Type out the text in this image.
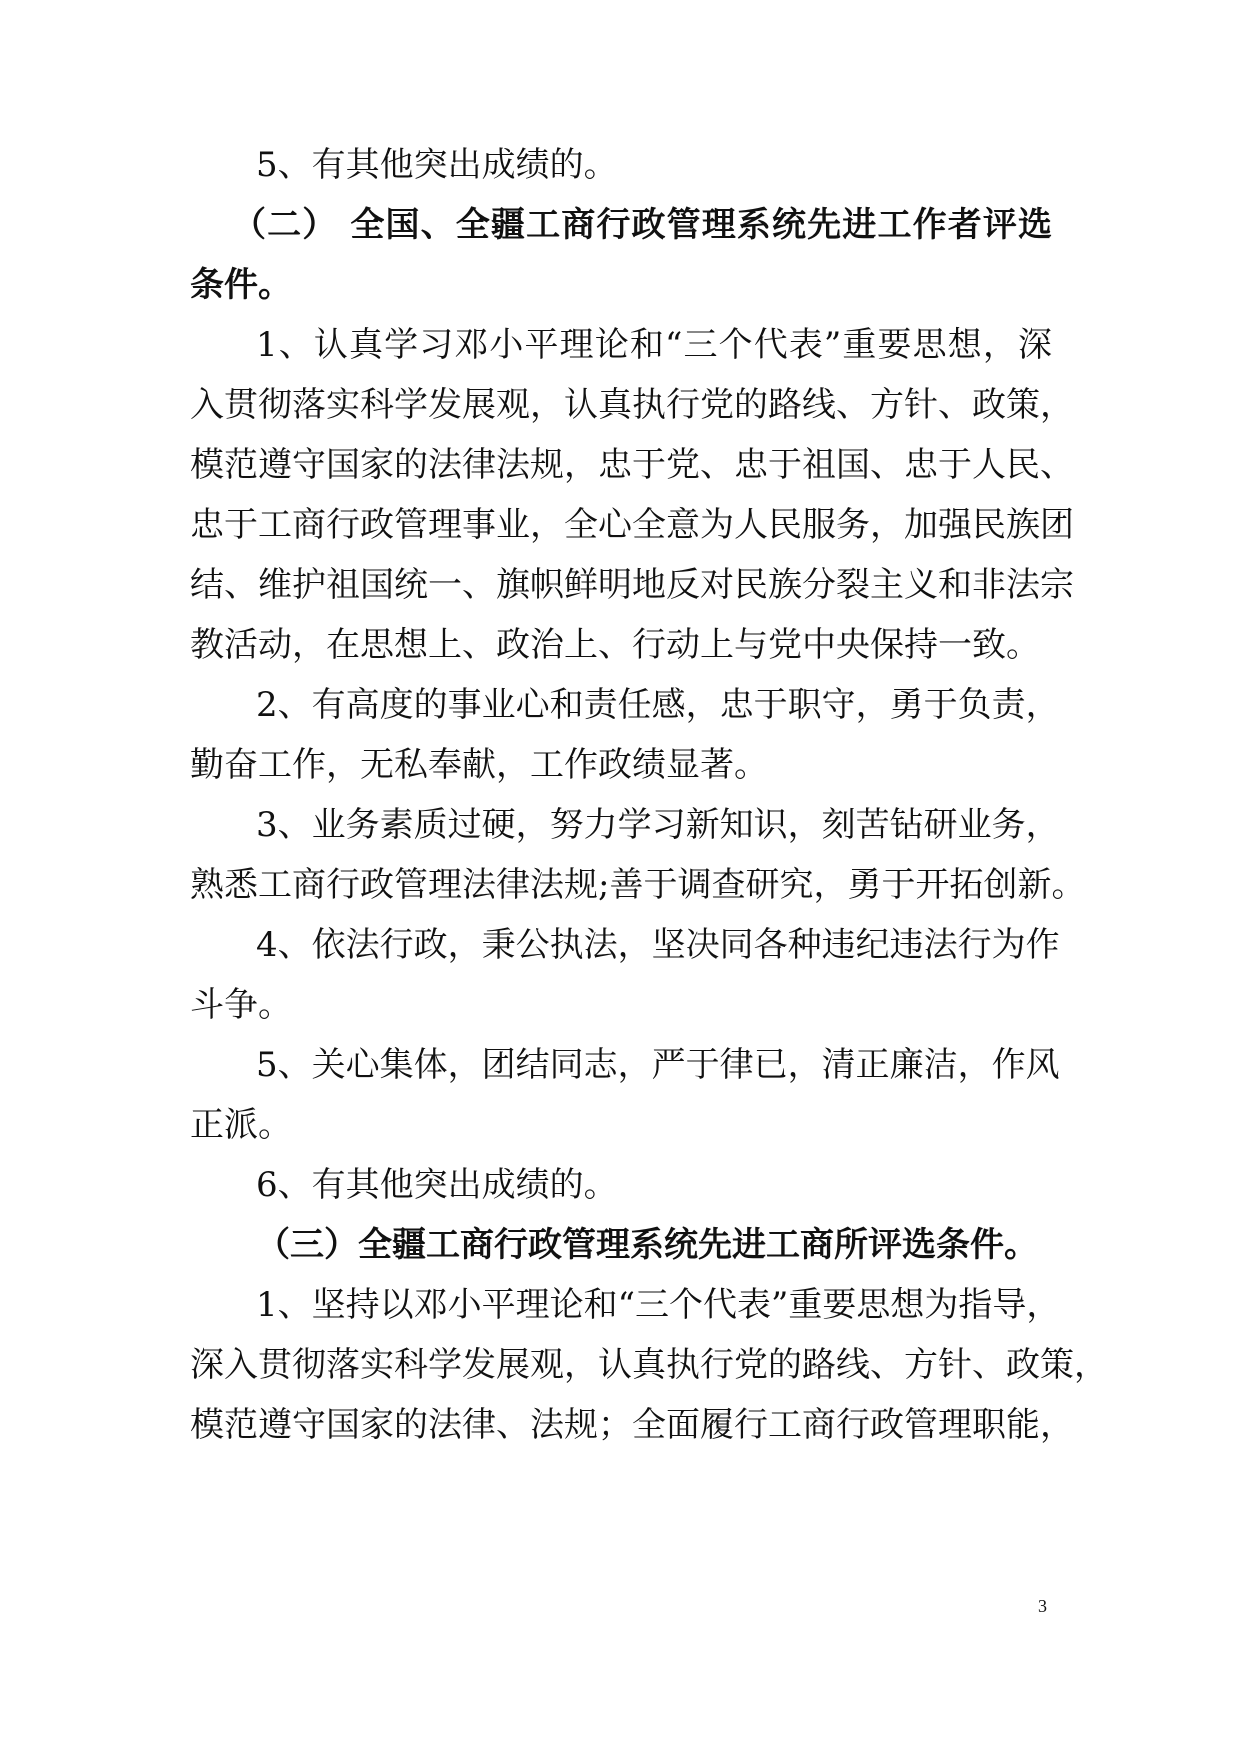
5、有其他突出成绩的。
（二） 全国、全疆工商行政管理系统先进工作者评选
条件。
1、认真学习邓小平理论和“三个代表”重要思想，深
入贯彻落实科学发展观，认真执行党的路线、方针、政策，
模范遵守国家的法律法规，忠于党、忠于祖国、忠于人民、
忠于工商行政管理事业，全心全意为人民服务，加强民族团
结、维护祖国统一、旗帜鲜明地反对民族分裂主义和非法宗
教活动，在思想上、政治上、行动上与党中央保持一致。
2、有高度的事业心和责任感，忠于职守，勇于负责，
勤奋工作，无私奉献，工作政绩显著。
3、业务素质过硬，努力学习新知识，刻苦钻研业务，
熟悉工商行政管理法律法规;善于调查研究，勇于开拓创新。
4、依法行政，秉公执法，坚决同各种违纪违法行为作
斗争。
5、关心集体，团结同志，严于律已，清正廉洁，作风
正派。
6、有其他突出成绩的。
（三）全疆工商行政管理系统先进工商所评选条件。
1、坚持以邓小平理论和“三个代表”重要思想为指导，
深入贯彻落实科学发展观，认真执行党的路线、方针、政策，
模范遵守国家的法律、法规；全面履行工商行政管理职能，
3
